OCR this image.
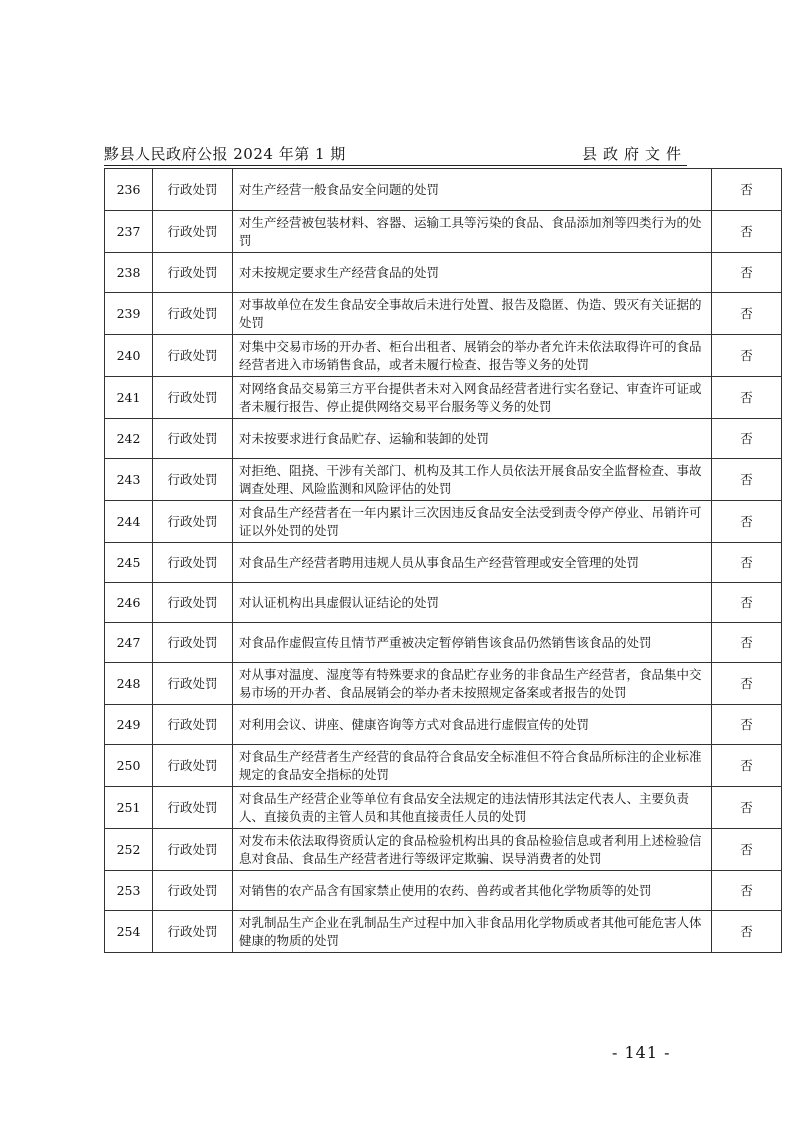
黟县人民政府公报 2024 年第 1 期	县政府文件
236	行政处罚	对生产经营一般食品安全问题的处罚	否
237	行政处罚	对生产经营被包装材料、容器、运输工具等污染的食品、食品添加剂等四类行为的处罚	否
238	行政处罚	对未按规定要求生产经营食品的处罚	否
239	行政处罚	对事故单位在发生食品安全事故后未进行处置、报告及隐匿、伪造、毁灭有关证据的处罚	否
240	行政处罚	对集中交易市场的开办者、柜台出租者、展销会的举办者允许未依法取得许可的食品经营者进入市场销售食品，或者未履行检查、报告等义务的处罚	否
241	行政处罚	对网络食品交易第三方平台提供者未对入网食品经营者进行实名登记、审查许可证或者未履行报告、停止提供网络交易平台服务等义务的处罚	否
242	行政处罚	对未按要求进行食品贮存、运输和装卸的处罚	否
243	行政处罚	对拒绝、阻挠、干涉有关部门、机构及其工作人员依法开展食品安全监督检查、事故调查处理、风险监测和风险评估的处罚	否
244	行政处罚	对食品生产经营者在一年内累计三次因违反食品安全法受到责令停产停业、吊销许可证以外处罚的处罚	否
245	行政处罚	对食品生产经营者聘用违规人员从事食品生产经营管理或安全管理的处罚	否
246	行政处罚	对认证机构出具虚假认证结论的处罚	否
247	行政处罚	对食品作虚假宣传且情节严重被决定暂停销售该食品仍然销售该食品的处罚	否
248	行政处罚	对从事对温度、湿度等有特殊要求的食品贮存业务的非食品生产经营者，食品集中交易市场的开办者、食品展销会的举办者未按照规定备案或者报告的处罚	否
249	行政处罚	对利用会议、讲座、健康咨询等方式对食品进行虚假宣传的处罚	否
250	行政处罚	对食品生产经营者生产经营的食品符合食品安全标准但不符合食品所标注的企业标准规定的食品安全指标的处罚	否
251	行政处罚	对食品生产经营企业等单位有食品安全法规定的违法情形其法定代表人、主要负责人、直接负责的主管人员和其他直接责任人员的处罚	否
252	行政处罚	对发布未依法取得资质认定的食品检验机构出具的食品检验信息或者利用上述检验信息对食品、食品生产经营者进行等级评定欺骗、误导消费者的处罚	否
253	行政处罚	对销售的农产品含有国家禁止使用的农药、兽药或者其他化学物质等的处罚	否
254	行政处罚	对乳制品生产企业在乳制品生产过程中加入非食品用化学物质或者其他可能危害人体健康的物质的处罚	否
- 141 -
